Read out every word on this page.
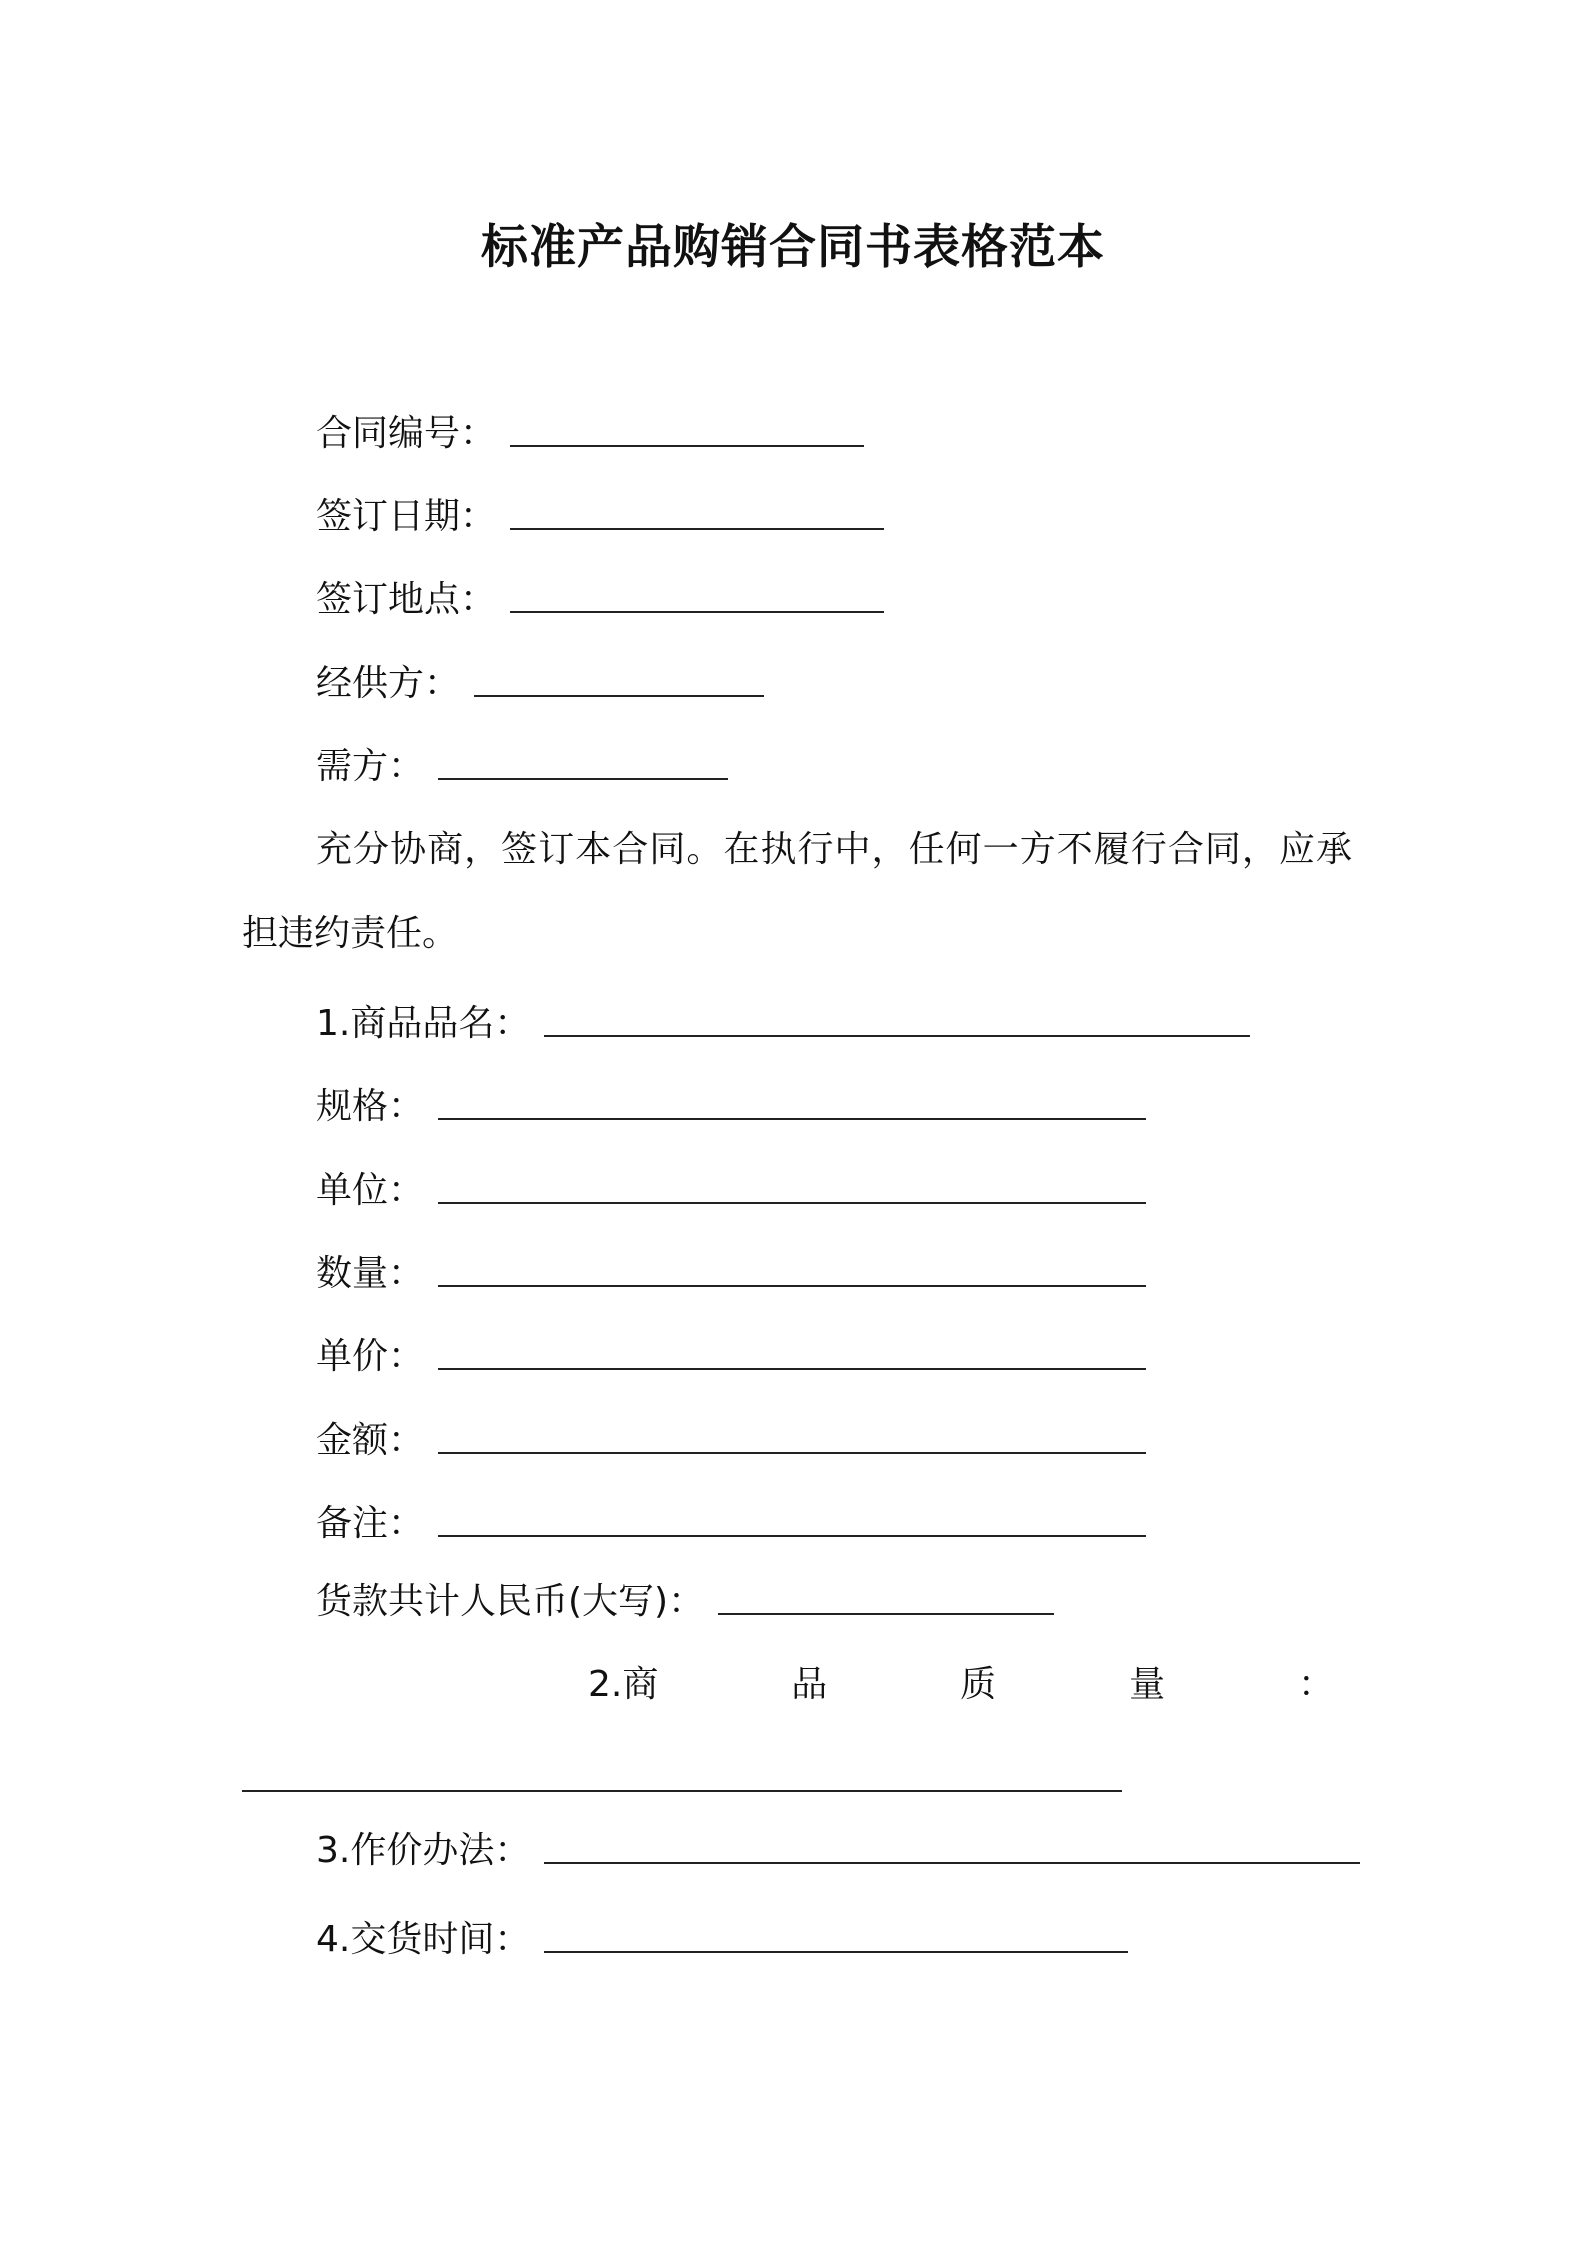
标准产品购销合同书表格范本
合同编号：
签订日期：
签订地点：
经供方：
需方：
充分协商，签订本合同。在执行中，任何一方不履行合同，应承担违约责任。
1.商品品名：
规格：
单位：
数量：
单价：
金额：
备注：
货款共计人民币(大写)：
2.商	品	质	量	：
3.作价办法：
4.交货时间：
